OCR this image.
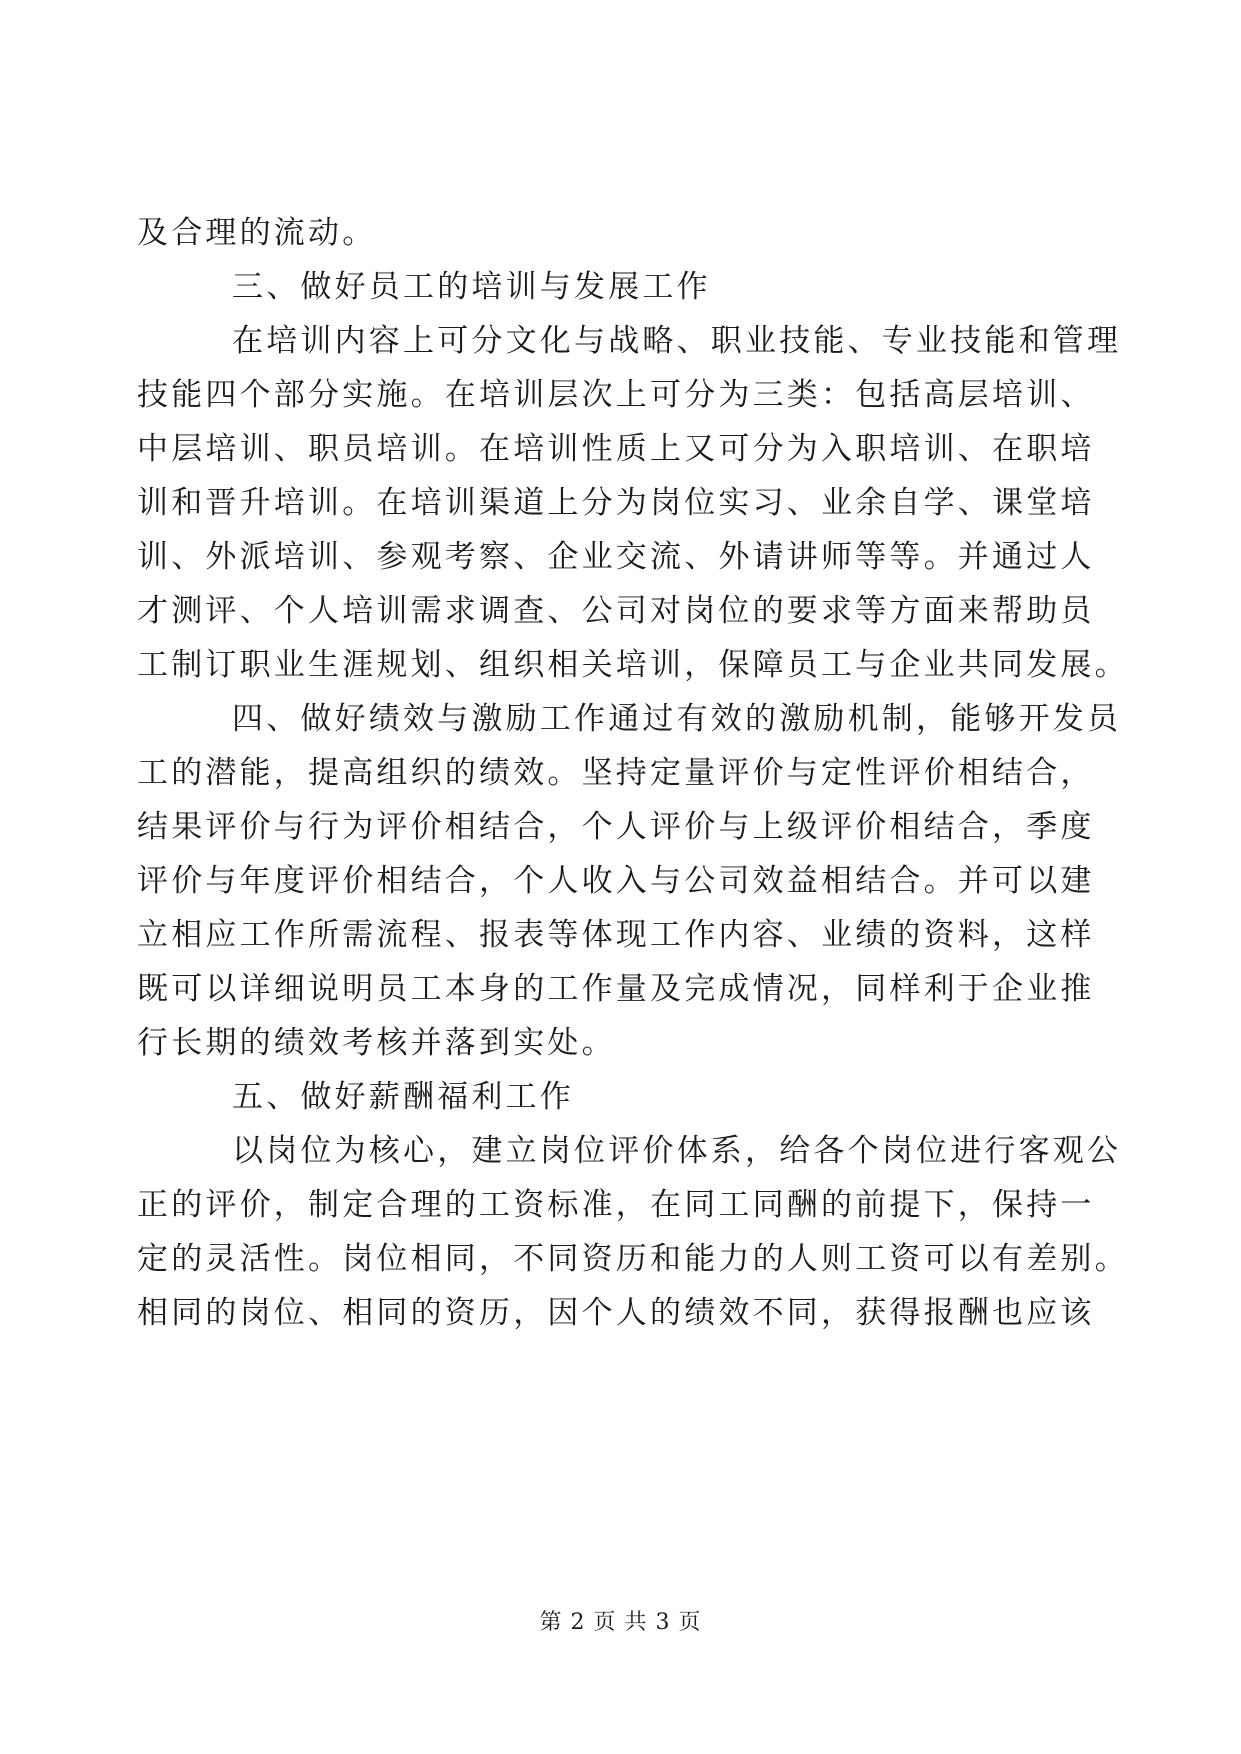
及合理的流动。
三、做好员工的培训与发展工作
在培训内容上可分文化与战略、职业技能、专业技能和管理
技能四个部分实施。在培训层次上可分为三类：包括高层培训、
中层培训、职员培训。在培训性质上又可分为入职培训、在职培
训和晋升培训。在培训渠道上分为岗位实习、业余自学、课堂培
训、外派培训、参观考察、企业交流、外请讲师等等。并通过人
才测评、个人培训需求调查、公司对岗位的要求等方面来帮助员
工制订职业生涯规划、组织相关培训，保障员工与企业共同发展。
四、做好绩效与激励工作通过有效的激励机制，能够开发员
工的潜能，提高组织的绩效。坚持定量评价与定性评价相结合，
结果评价与行为评价相结合，个人评价与上级评价相结合，季度
评价与年度评价相结合，个人收入与公司效益相结合。并可以建
立相应工作所需流程、报表等体现工作内容、业绩的资料，这样
既可以详细说明员工本身的工作量及完成情况，同样利于企业推
行长期的绩效考核并落到实处。
五、做好薪酬福利工作
以岗位为核心，建立岗位评价体系，给各个岗位进行客观公
正的评价，制定合理的工资标准，在同工同酬的前提下，保持一
定的灵活性。岗位相同，不同资历和能力的人则工资可以有差别。
相同的岗位、相同的资历，因个人的绩效不同，获得报酬也应该
第 2 页 共 3 页
